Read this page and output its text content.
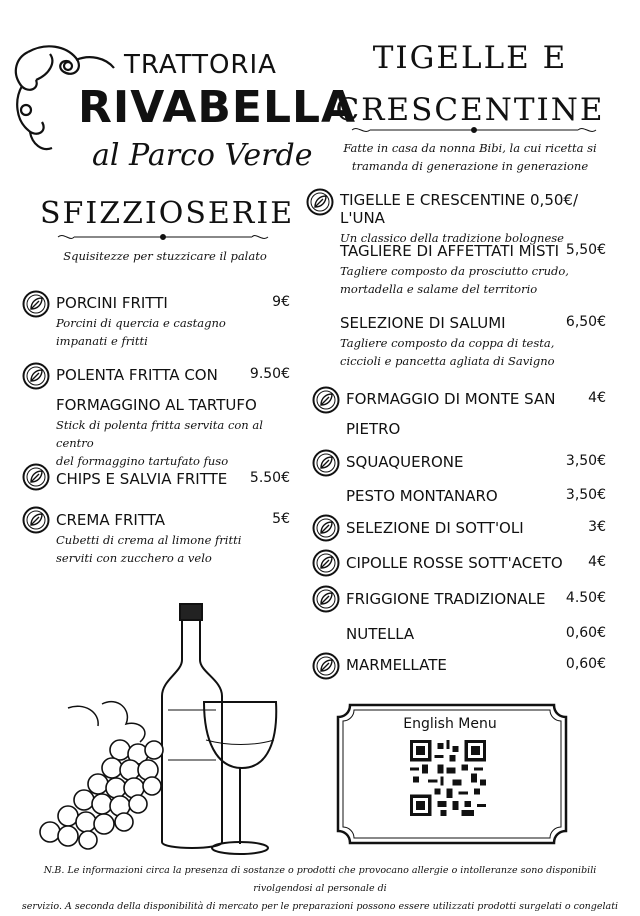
TRATTORIA
RIVABELLA
al Parco Verde
SFIZZIOSERIE
Squisitezze per stuzzicare il palato
PORCINI FRITTI	9€
Porcini di quercia e castagno
impanati e fritti
POLENTA FRITTA CON	9.50€
FORMAGGINO AL TARTUFO
Stick di polenta fritta servita con al centro
del formaggino tartufato fuso
CHIPS E SALVIA FRITTE	5.50€
CREMA FRITTA	5€
Cubetti di crema al limone fritti
serviti con zucchero a velo
TIGELLE E
CRESCENTINE
Fatte in casa da nonna Bibi, la cui ricetta si
tramanda di generazione in generazione
TIGELLE E CRESCENTINE 0,50€/ L'UNA
Un classico della tradizione bolognese
TAGLIERE DI AFFETTATI MISTI 5,50€
Tagliere composto da prosciutto crudo,
mortadella e salame del territorio
SELEZIONE DI SALUMI	6,50€
Tagliere composto da coppa di testa,
ciccioli e pancetta agliata di Savigno
FORMAGGIO DI MONTE SAN	4€
PIETRO
SQUAQUERONE	3,50€
PESTO MONTANARO	3,50€
SELEZIONE DI SOTT'OLI	3€
CIPOLLE ROSSE SOTT'ACETO	4€
FRIGGIONE TRADIZIONALE	4.50€
NUTELLA	0,60€
MARMELLATE	0,60€
English Menu
N.B. Le informazioni circa la presenza di sostanze o prodotti che provocano allergie o intolleranze sono disponibili rivolgendosi al personale di
servizio. A seconda della disponibilità di mercato per le preparazioni possono essere utilizzati prodotti surgelati o congelati
